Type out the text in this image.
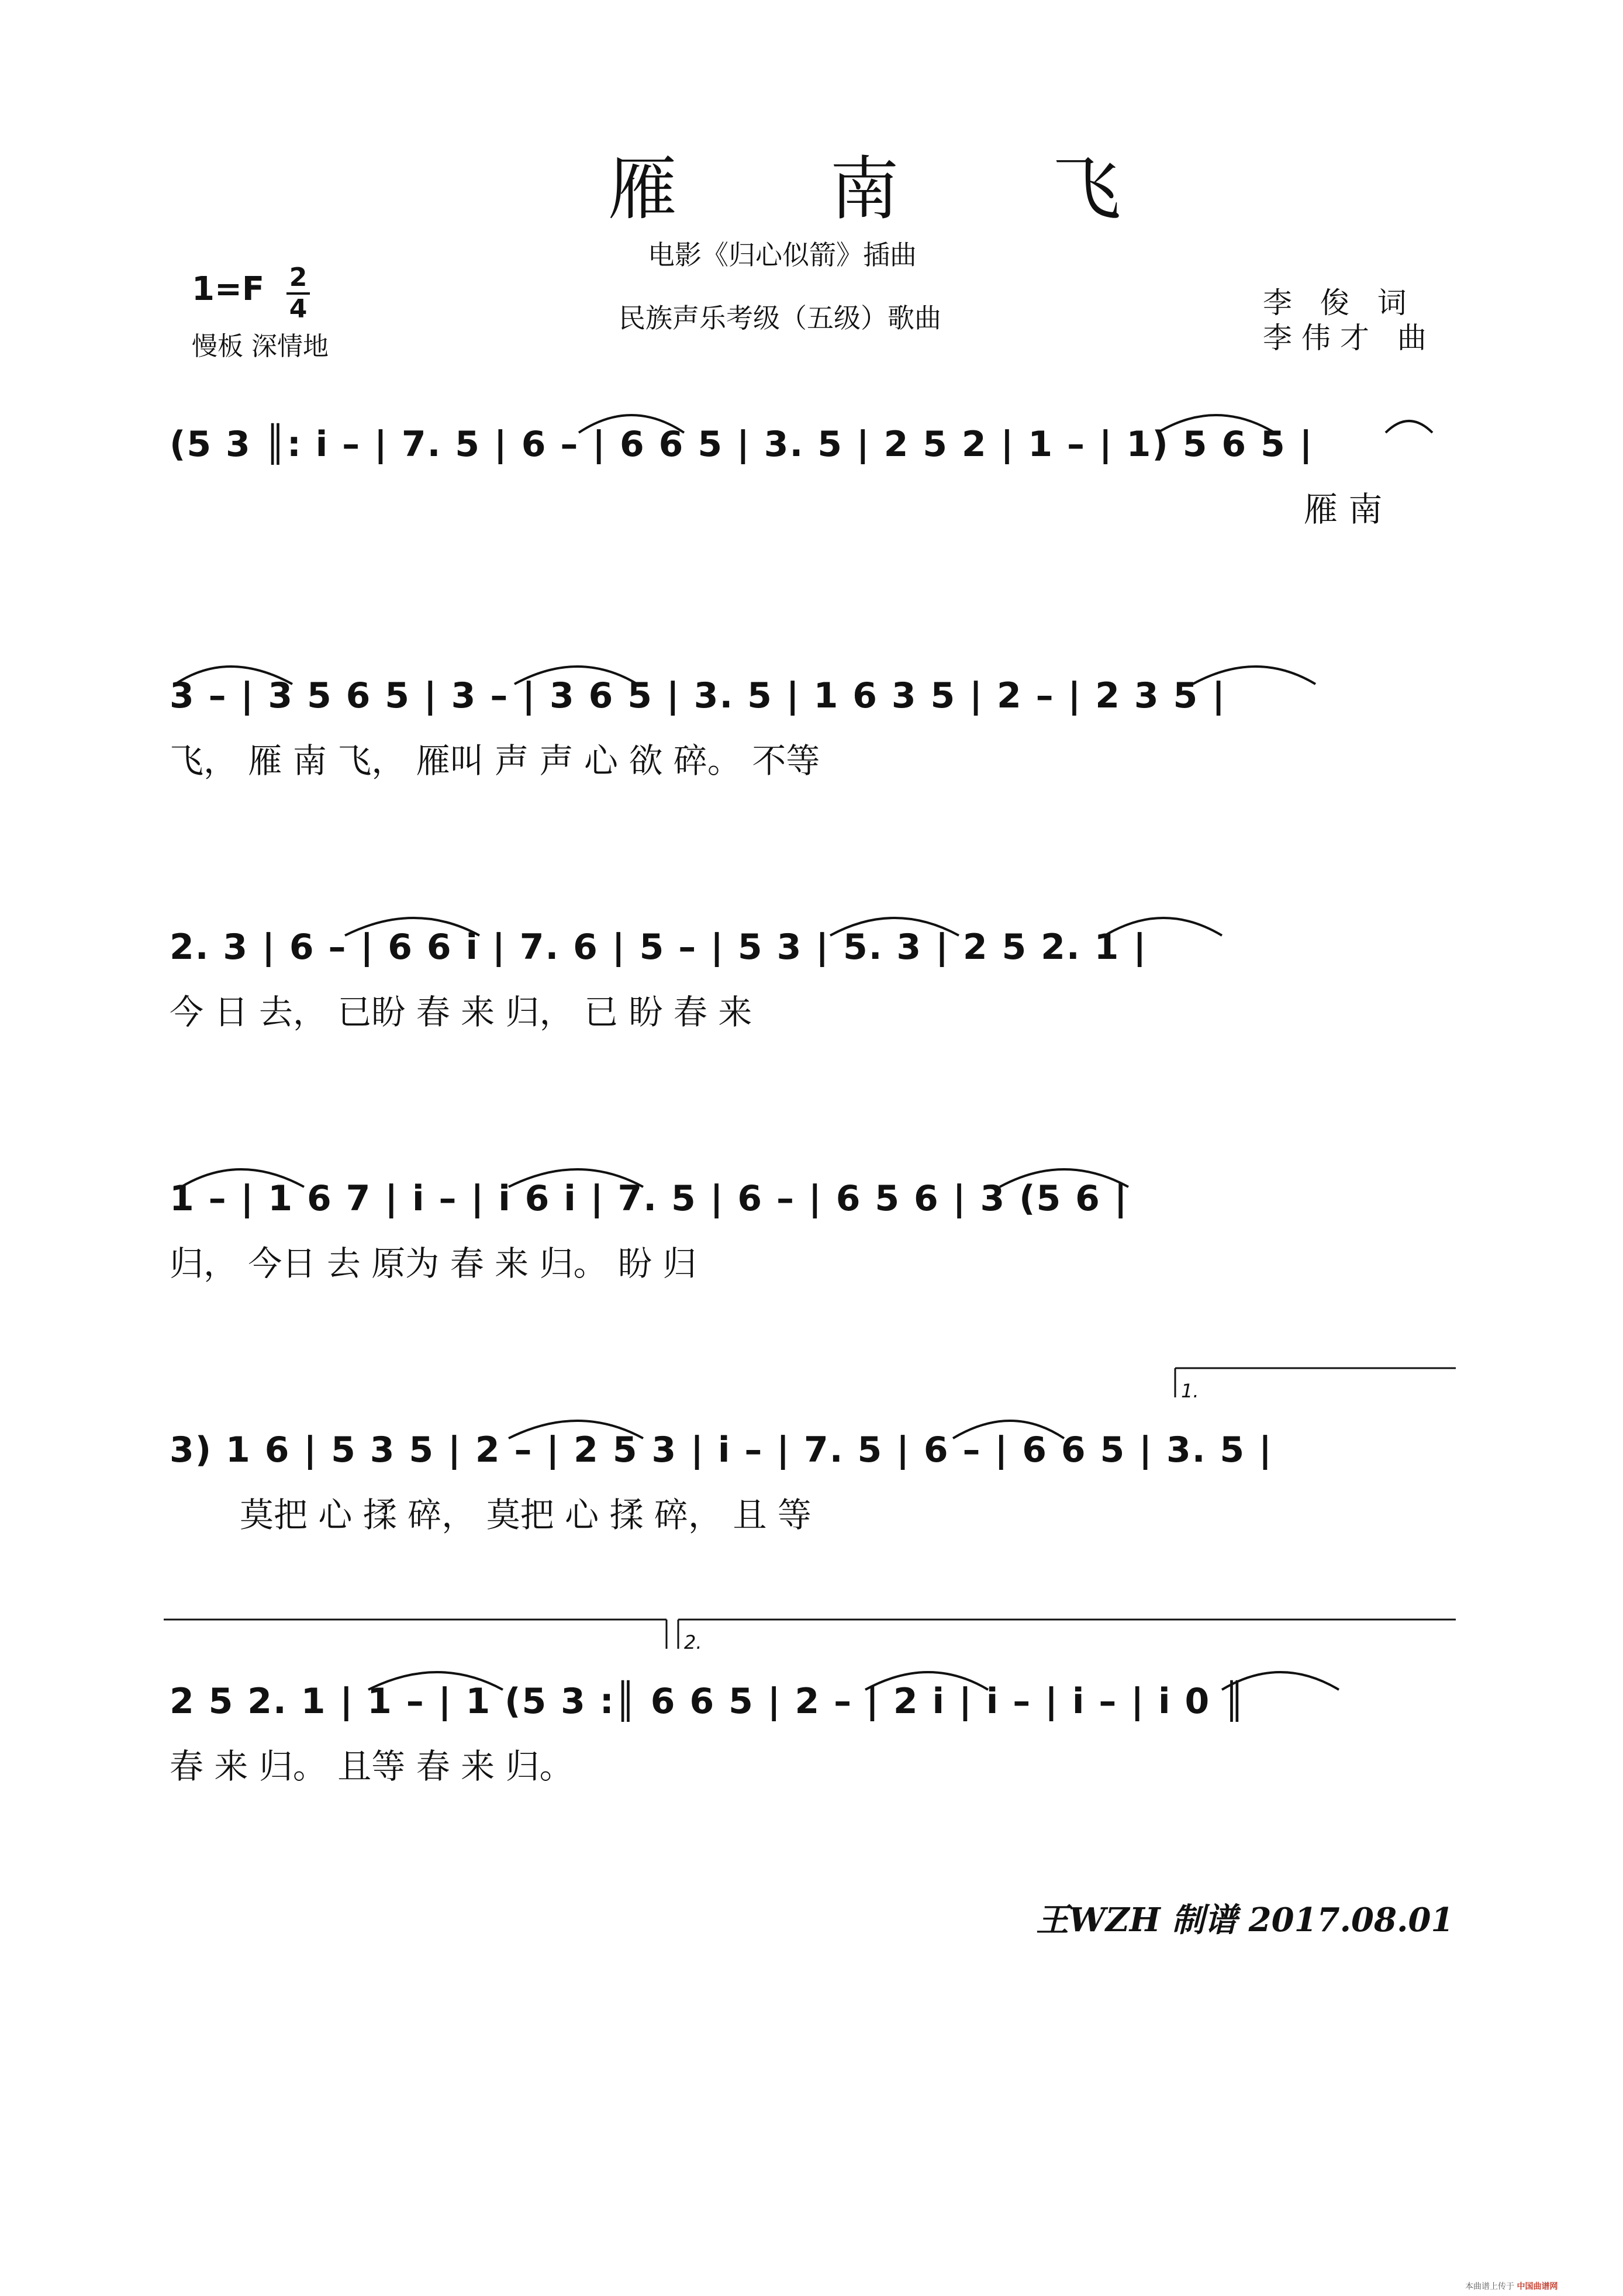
雁 南 飞
电影《归心似箭》插曲
民族声乐考级（五级）歌曲	李 俊 词
李伟才 曲
1=F 2
4
慢板 深情地
(5 3 ║: i – | 7. 5 | 6 – | 6 6 5 | 3. 5 | 2 5 2 | 1 – | 1) 5 6 5 |
雁 南
3 – | 3 5 6 5 | 3 – | 3 6 5 | 3. 5 | 1 6 3 5 | 2 – | 2 3 5 |
飞， 雁 南 飞， 雁叫 声 声 心 欲 碎。 不等
2. 3 | 6 – | 6 6 i | 7. 6 | 5 – | 5 3 | 5. 3 | 2 5 2. 1 |
今 日 去， 已盼 春 来 归， 已 盼 春 来
1 – | 1 6 7 | i – | i 6 i | 7. 5 | 6 – | 6 5 6 | 3 (5 6 |
归， 今日 去 原为 春 来 归。 盼 归
3) 1 6 | 5 3 5 | 2 – | 2 5 3 | i – | 7. 5 | 6 – | 6 6 5 | 3. 5 |
1.
莫把 心 揉 碎， 莫把 心 揉 碎， 且 等
2 5 2. 1 | 1 – | 1 (5 3 :║ 6 6 5 | 2 – | 2 i | i – | i – | i 0 ║
2.
春 来 归。 且等 春 来 归。
王WZH 制谱 2017.08.01
本曲谱上传于 中国曲谱网
